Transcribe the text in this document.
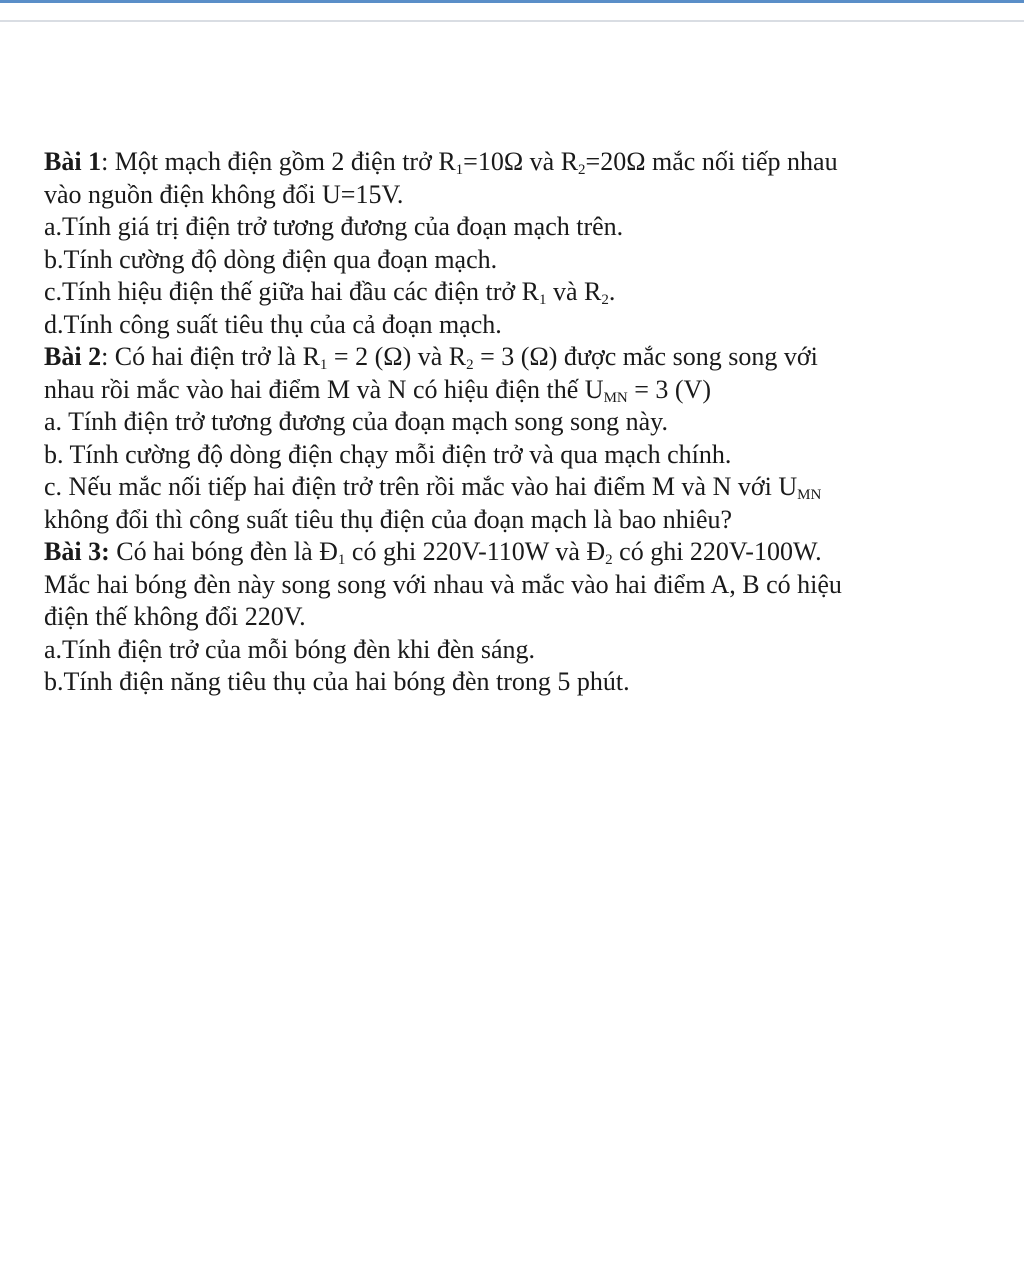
Bài 1: Một mạch điện gồm 2 điện trở $R_1=10\Omega$ và $R_2=20\Omega$ mắc nối tiếp nhau
vào nguồn điện không đổi U=15V.
a.Tính giá trị điện trở tương đương của đoạn mạch trên.
b.Tính cường độ dòng điện qua đoạn mạch.
c.Tính hiệu điện thế giữa hai đầu các điện trở $R_1$ và $R_2$.
d.Tính công suất tiêu thụ của cả đoạn mạch.
Bài 2: Có hai điện trở là $R_1 = 2$ (Ω) và $R_2 = 3$ (Ω) được mắc song song với
nhau rồi mắc vào hai điểm M và N có hiệu điện thế $U_{MN} = 3$ (V)
a. Tính điện trở tương đương của đoạn mạch song song này.
b. Tính cường độ dòng điện chạy mỗi điện trở và qua mạch chính.
c. Nếu mắc nối tiếp hai điện trở trên rồi mắc vào hai điểm M và N với $U_{MN}$
không đổi thì công suất tiêu thụ điện của đoạn mạch là bao nhiêu?
Bài 3: Có hai bóng đèn là $Đ_1$ có ghi 220V-110W và $Đ_2$ có ghi 220V-100W.
Mắc hai bóng đèn này song song với nhau và mắc vào hai điểm A, B có hiệu
điện thế không đổi 220V.
a.Tính điện trở của mỗi bóng đèn khi đèn sáng.
b.Tính điện năng tiêu thụ của hai bóng đèn trong 5 phút.
